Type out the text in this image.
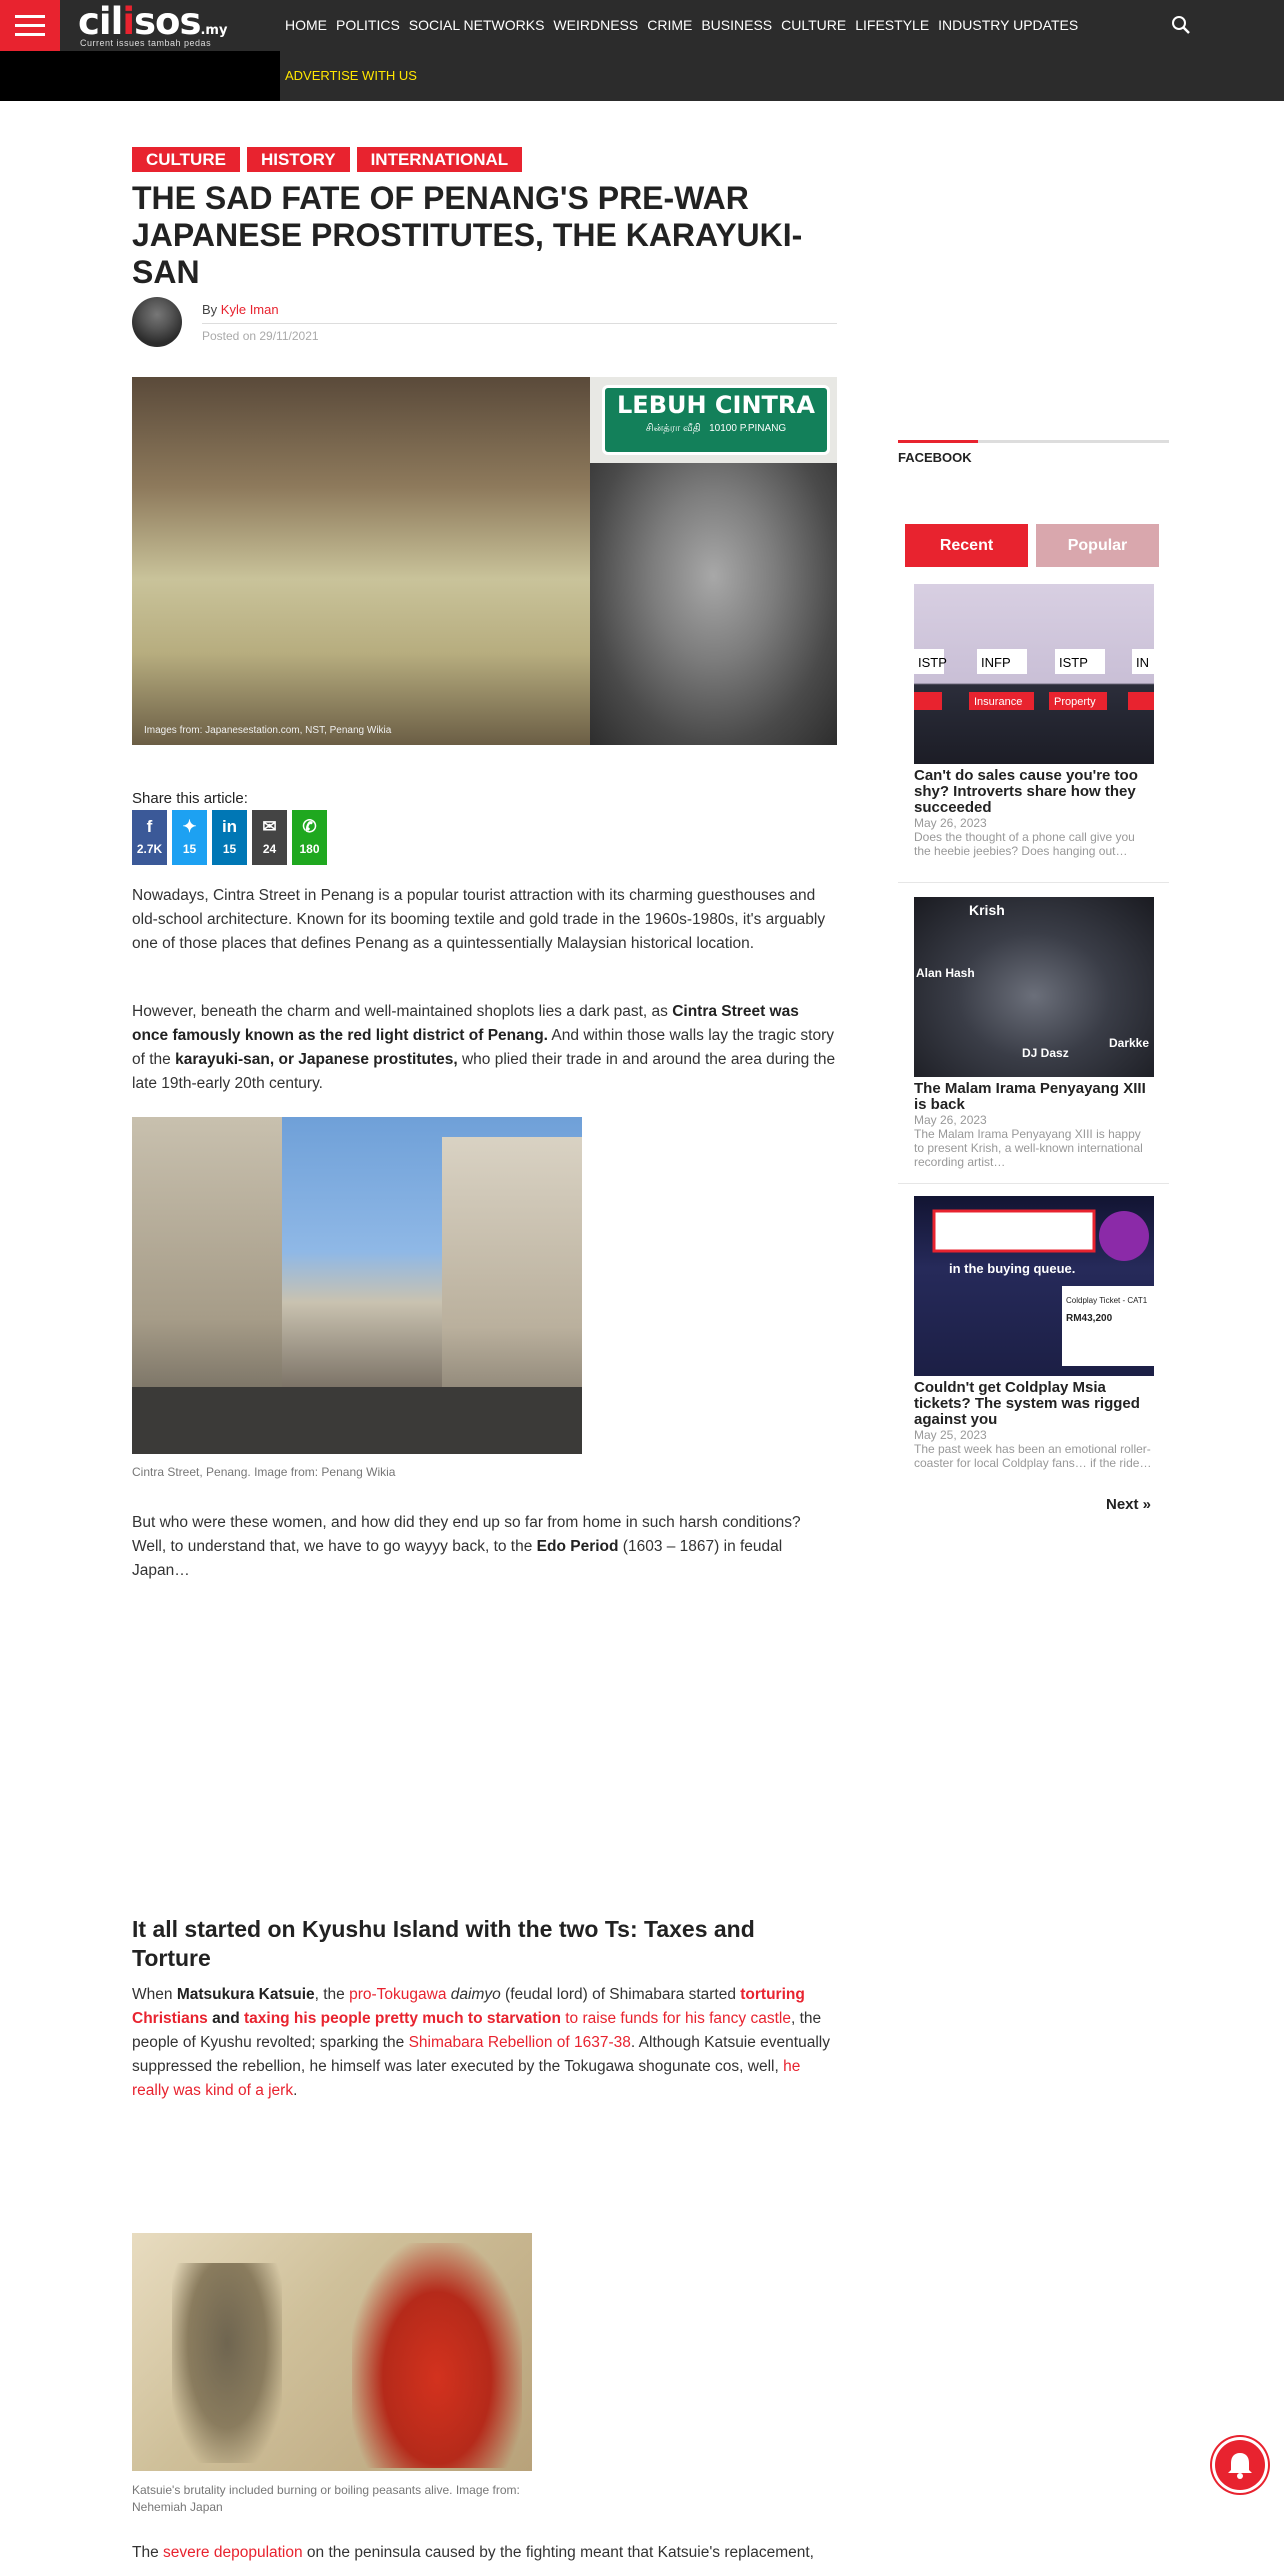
cilisos.my
Current issues tambah pedas
HOME POLITICS SOCIAL NETWORKS WEIRDNESS CRIME BUSINESS CULTURE LIFESTYLE INDUSTRY UPDATES
ADVERTISE WITH US
CULTURE	HISTORY	INTERNATIONAL
THE SAD FATE OF PENANG'S PRE-WAR JAPANESE PROSTITUTES, THE KARAYUKI-SAN
By Kyle Iman
Posted on 29/11/2021
LEBUH CINTRA
சின்த்ரா வீதி 10100 P.PINANG
Images from: Japanesestation.com, NST, Penang Wikia
Share this article:
f
2.7K
✦
15
in
15
✉
24
✆
180

Nowadays, Cintra Street in Penang is a popular tourist attraction with its charming guesthouses and old-school architecture. Known for its booming textile and gold trade in the 1960s-1980s, it's arguably one of those places that defines Penang as a quintessentially Malaysian historical location.

However, beneath the charm and well-maintained shoplots lies a dark past, as Cintra Street was once famously known as the red light district of Penang. And within those walls lay the tragic story of the karayuki-san, or Japanese prostitutes, who plied their trade in and around the area during the late 19th-early 20th century.

Cintra Street, Penang. Image from: Penang Wikia

But who were these women, and how did they end up so far from home in such harsh conditions? Well, to understand that, we have to go wayyy back, to the Edo Period (1603 – 1867) in feudal Japan…

It all started on Kyushu Island with the two Ts: Taxes and Torture

When Matsukura Katsuie, the pro-Tokugawa daimyo (feudal lord) of Shimabara started torturing Christians and taxing his people pretty much to starvation to raise funds for his fancy castle, the people of Kyushu revolted; sparking the Shimabara Rebellion of 1637-38. Although Katsuie eventually suppressed the rebellion, he himself was later executed by the Tokugawa shogunate cos, well, he really was kind of a jerk.

Katsuie's brutality included burning or boiling peasants alive. Image from: Nehemiah Japan

The severe depopulation on the peninsula caused by the fighting meant that Katsuie's replacement,

FACEBOOK
Recent	Popular
ISTP	INFP	ISTP	IN
Insurance	Property
Can't do sales cause you're too shy? Introverts share how they succeeded
May 26, 2023
Does the thought of a phone call give you the heebie jeebies? Does hanging out…
Krish
Alan Hash
DJ Dasz
Darkke
The Malam Irama Penyayang XIII is back
May 26, 2023
The Malam Irama Penyayang XIII is happy to present Krish, a well-known international recording artist…
in the buying queue.
Coldplay Ticket - CAT1
RM43,200
Couldn't get Coldplay Msia tickets? The system was rigged against you
May 25, 2023
The past week has been an emotional roller-coaster for local Coldplay fans… if the ride…
Next »
